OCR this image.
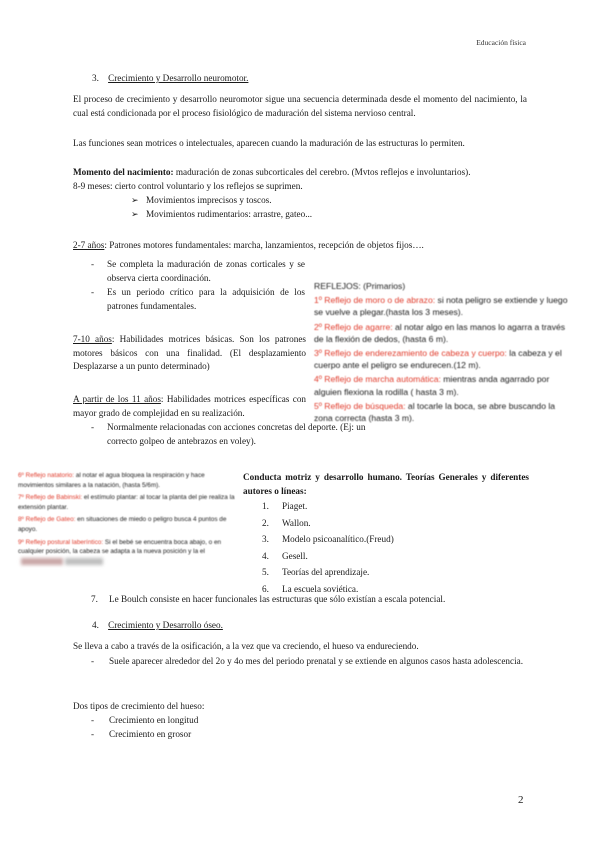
Educación física
3. Crecimiento y Desarrollo neuromotor.
El proceso de crecimiento y desarrollo neuromotor sigue una secuencia determinada desde el momento del nacimiento, la cual está condicionada por el proceso fisiológico de maduración del sistema nervioso central.
Las funciones sean motrices o intelectuales, aparecen cuando la maduración de las estructuras lo permiten.
Momento del nacimiento: maduración de zonas subcorticales del cerebro. (Mvtos reflejos e involuntarios).
8-9 meses: cierto control voluntario y los reflejos se suprimen.
➢ Movimientos imprecisos y toscos.
➢ Movimientos rudimentarios: arrastre, gateo...
2-7 años: Patrones motores fundamentales: marcha, lanzamientos, recepción de objetos fijos….
- Se completa la maduración de zonas corticales y se observa cierta coordinación.
- Es un periodo crítico para la adquisición de los patrones fundamentales.
7-10 años: Habilidades motrices básicas. Son los patrones motores básicos con una finalidad. (El desplazamiento Desplazarse a un punto determinado)
A partir de los 11 años: Habilidades motrices específicas con mayor grado de complejidad en su realización.
- Normalmente relacionadas con acciones concretas del deporte. (Ej: un correcto golpeo de antebrazos en voley).
REFLEJOS: (Primarios)
1º Reflejo de moro o de abrazo: si nota peligro se extiende y luego se vuelve a plegar.(hasta los 3 meses).
2º Reflejo de agarre: al notar algo en las manos lo agarra a través de la flexión de dedos, (hasta 6 m).
3º Reflejo de enderezamiento de cabeza y cuerpo: la cabeza y el cuerpo ante el peligro se endurecen.(12 m).
4º Reflejo de marcha automática: mientras anda agarrado por alguien flexiona la rodilla ( hasta 3 m).
5º Reflejo de búsqueda: al tocarle la boca, se abre buscando la zona correcta (hasta 3 m).
6º Reflejo natatorio: al notar el agua bloquea la respiración y hace movimientos similares a la natación, (hasta 5/6m).
7º Reflejo de Babinski: el estímulo plantar: al tocar la planta del pie realiza la extensión plantar.
8º Reflejo de Gateo: en situaciones de miedo o peligro busca 4 puntos de apoyo.
9º Reflejo postural laberíntico: Si el bebé se encuentra boca abajo, o en cualquier posición, la cabeza se adapta a la nueva posición y la el
Conducta motriz y desarrollo humano. Teorías Generales y diferentes autores o líneas:
1. Piaget.
2. Wallon.
3. Modelo psicoanalítico.(Freud)
4. Gesell.
5. Teorías del aprendizaje.
6. La escuela soviética.
7. Le Boulch consiste en hacer funcionales las estructuras que sólo existían a escala potencial.
4. Crecimiento y Desarrollo óseo.
Se lleva a cabo a través de la osificación, a la vez que va creciendo, el hueso va endureciendo.
- Suele aparecer alrededor del 2o y 4o mes del periodo prenatal y se extiende en algunos casos hasta adolescencia.
Dos tipos de crecimiento del hueso:
- Crecimiento en longitud
- Crecimiento en grosor
2
